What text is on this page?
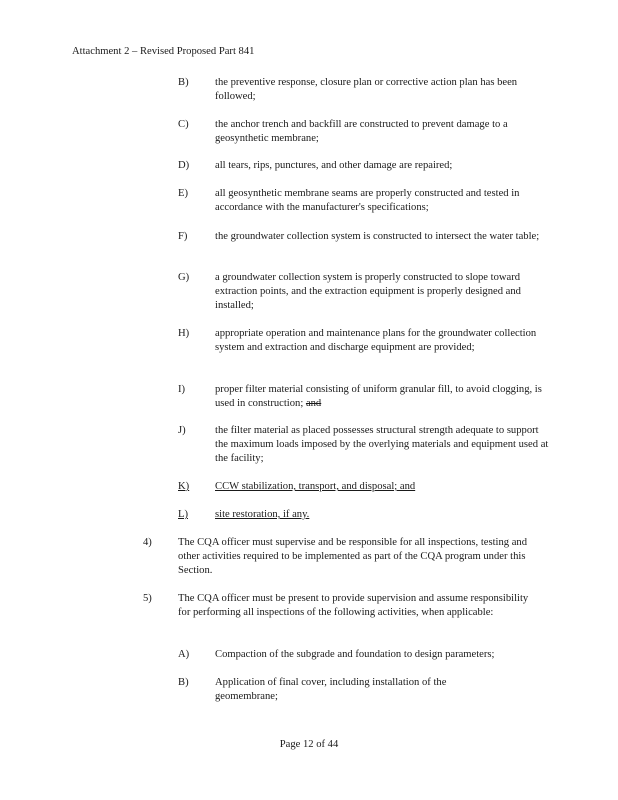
Attachment 2 – Revised Proposed Part 841
B) the preventive response, closure plan or corrective action plan has been followed;
C) the anchor trench and backfill are constructed to prevent damage to a geosynthetic membrane;
D) all tears, rips, punctures, and other damage are repaired;
E)	all geosynthetic membrane seams are properly constructed and tested in accordance with the manufacturer's specifications;
F)	the groundwater collection system is constructed to intersect the water table;
G) a groundwater collection system is properly constructed to slope toward extraction points, and the extraction equipment is properly designed and installed;
H) appropriate operation and maintenance plans for the groundwater collection system and extraction and discharge equipment are provided;
I)	proper filter material consisting of uniform granular fill, to avoid clogging, is used in construction; and
J)	the filter material as placed possesses structural strength adequate to support the maximum loads imposed by the overlying materials and equipment used at the facility;
K) CCW stabilization, transport, and disposal; and
L)	site restoration, if any.
4) The CQA officer must supervise and be responsible for all inspections, testing and other activities required to be implemented as part of the CQA program under this Section.
5) The CQA officer must be present to provide supervision and assume responsibility for performing all inspections of the following activities, when applicable:
A) Compaction of the subgrade and foundation to design parameters;
B) Application of final cover, including installation of the geomembrane;
Page 12 of 44
